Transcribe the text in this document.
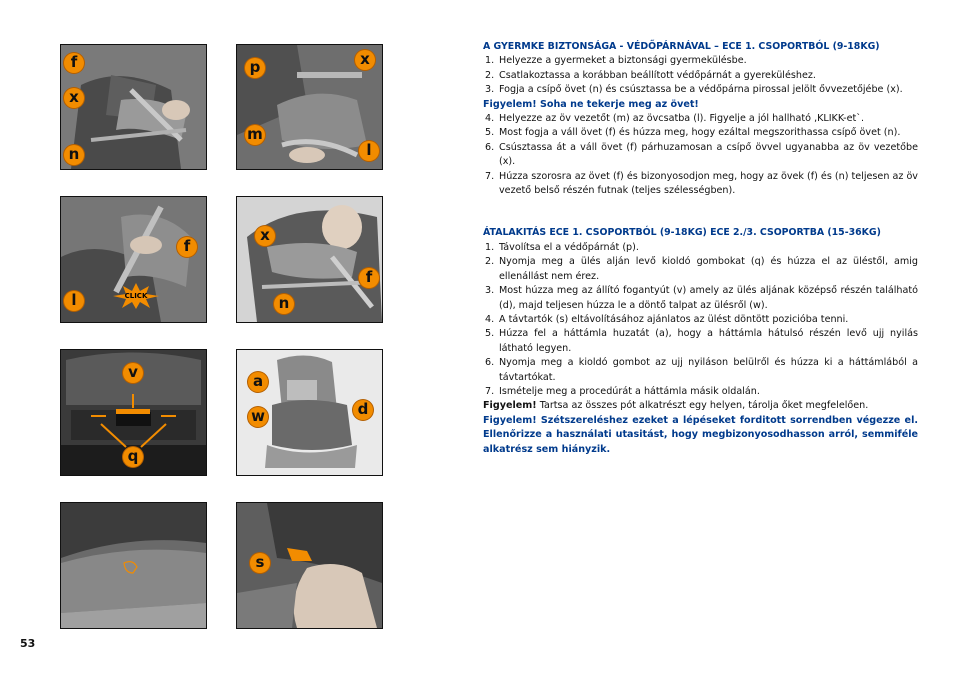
f
x
n
p	x
m
l
f
l	CLICK
x
f
n
v
q
a
w	d
s

A GYERMKE BIZTONSÁGA - VÉDŐPÁRNÁVAL – ECE 1. CSOPORTBÓL (9-18KG)

1. Helyezze a gyermeket a biztonsági gyermekülésbe.
2. Csatlakoztassa a korábban beállított védőpárnát a gyereküléshez.
3. Fogja a csípő övet (n) és csúsztassa be a védőpárna pirossal jelölt ővvezetőjébe (x).
Figyelem! Soha ne tekerje meg az övet!
4. Helyezze az öv vezetőt (m) az övcsatba (l). Figyelje a jól hallható ‚KLIKK-et`.
5. Most fogja a váll övet (f) és húzza meg, hogy ezáltal megszorithassa csípő övet (n).
6. Csúsztassa át a váll övet (f) párhuzamosan a csípő övvel ugyanabba az öv vezetőbe (x).
7. Húzza szorosra az övet (f) és bizonyosodjon meg, hogy az övek (f) és (n) teljesen az öv vezető belső részén futnak (teljes szélességben).

ÁTALAKITÁS ECE 1. CSOPORTBÓL (9-18KG) ECE 2./3. CSOPORTBA (15-36KG)

1. Távolítsa el a védőpárnát (p).
2. Nyomja meg a ülés alján levő kioldó gombokat (q) és húzza el az üléstől, amig ellenállást nem érez.
3. Most húzza meg az állító fogantyút (v) amely az ülés aljának középső részén található (d), majd teljesen húzza le a döntő talpat az ülésről (w).
4. A távtartók (s) eltávolításához ajánlatos az ülést döntött pozicióba tenni.
5. Húzza fel a háttámla huzatát (a), hogy a háttámla hátulsó részén levő ujj nyilás látható legyen.
6. Nyomja meg a kioldó gombot az ujj nyiláson belülről és húzza ki a háttámlából a távtartókat.
7. Ismételje meg a procedúrát a háttámla másik oldalán.
Figyelem! Tartsa az összes pót alkatrészt egy helyen, tárolja őket megfelelően.
Figyelem! Szétszereléshez ezeket a lépéseket forditott sorrendben végezze el. Ellenőrizze a használati utasitást, hogy megbizonyosodhasson arról, semmiféle alkatrész sem hiányzik.
53
